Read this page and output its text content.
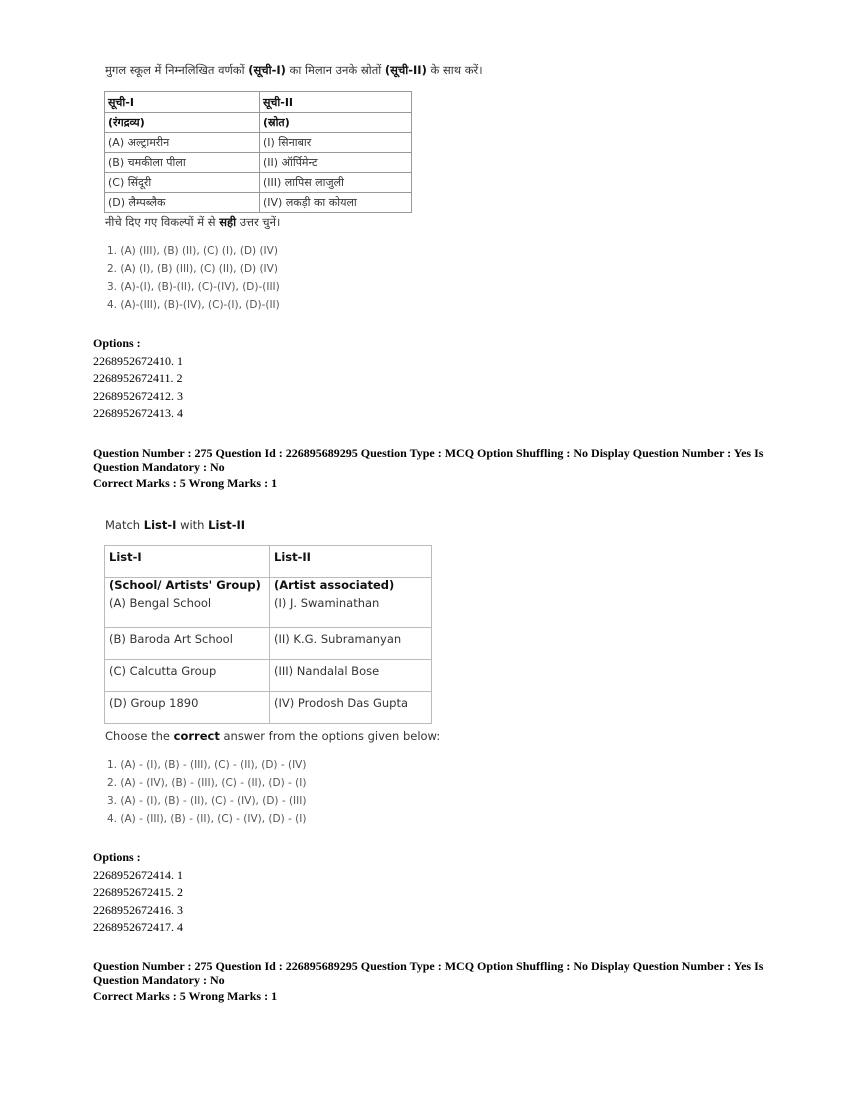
मुगल स्कूल में निम्नलिखित वर्णकों (सूची-I) का मिलान उनके स्रोतों (सूची-II) के साथ करें।
सूची-I	सूची-II
(रंगद्रव्य)	(स्रोत)
(A) अल्ट्रामरीन	(I) सिनाबार
(B) चमकीला पीला	(II) ऑर्पिमेन्ट
(C) सिंदूरी	(III) लापिस लाजुली
(D) लैम्पब्लैक	(IV) लकड़ी का कोयला
नीचे दिए गए विकल्पों में से सही उत्तर चुनें।
1. (A) (III), (B) (II), (C) (I), (D) (IV)
2. (A) (I), (B) (III), (C) (II), (D) (IV)
3. (A)-(I), (B)-(II), (C)-(IV), (D)-(III)
4. (A)-(III), (B)-(IV), (C)-(I), (D)-(II)
Options :
2268952672410. 1
2268952672411. 2
2268952672412. 3
2268952672413. 4
Question Number : 275 Question Id : 226895689295 Question Type : MCQ Option Shuffling : No Display Question Number : Yes Is
Question Mandatory : No
Correct Marks : 5 Wrong Marks : 1
Match List-I with List-II
List-I	List-II
(School/ Artists' Group)	(Artist associated)
(A) Bengal School	(I) J. Swaminathan
(B) Baroda Art School	(II) K.G. Subramanyan
(C) Calcutta Group	(III) Nandalal Bose
(D) Group 1890	(IV) Prodosh Das Gupta
Choose the correct answer from the options given below:
1. (A) - (I), (B) - (III), (C) - (II), (D) - (IV)
2. (A) - (IV), (B) - (III), (C) - (II), (D) - (I)
3. (A) - (I), (B) - (II), (C) - (IV), (D) - (III)
4. (A) - (III), (B) - (II), (C) - (IV), (D) - (I)
Options :
2268952672414. 1
2268952672415. 2
2268952672416. 3
2268952672417. 4
Question Number : 275 Question Id : 226895689295 Question Type : MCQ Option Shuffling : No Display Question Number : Yes Is
Question Mandatory : No
Correct Marks : 5 Wrong Marks : 1
